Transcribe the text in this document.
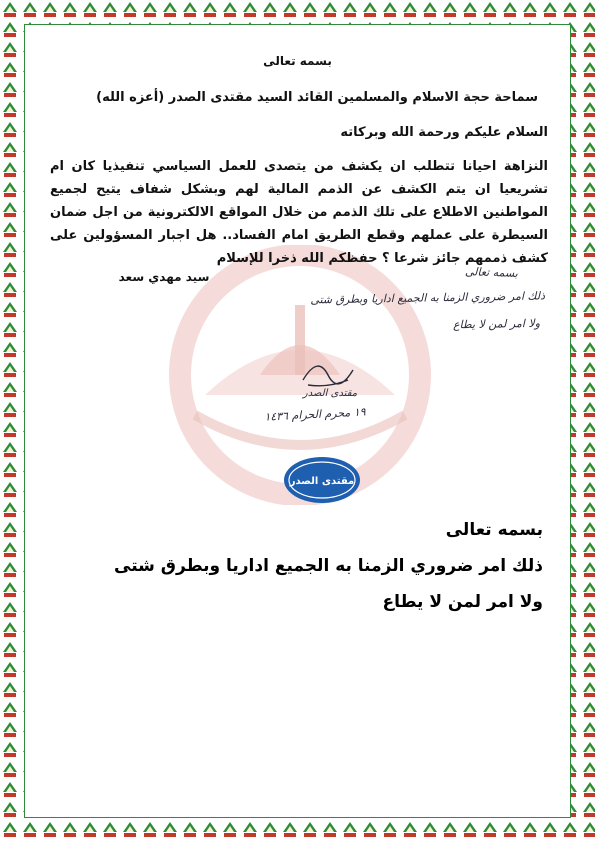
بسمه تعالى
سماحة حجة الاسلام والمسلمين القائد السيد مقتدى الصدر (أعزه الله)
السلام عليكم ورحمة الله وبركاته
النزاهة احيانا تتطلب ان يكشف من يتصدى للعمل السياسي تنفيذيا كان ام تشريعيا ان يتم الكشف عن الذمم المالية لهم وبشكل شفاف يتيح لجميع المواطنين الاطلاع على تلك الذمم من خلال المواقع الالكترونية من اجل ضمان السيطرة على عملهم وقطع الطريق امام الفساد.. هل اجبار المسؤولين على كشف ذممهم جائز شرعا ؟ حفظكم الله ذخرا للإسلام
سيد مهدي سعد	بسمه تعالى
ذلك امر ضروري الزمنا به الجميع اداريا وبطرق شتى
ولا امر لمن لا يطاع
مقتدى الصدر
١٩ محرم الحرام ١٤٣٦
مقتدى الصدر
بسمه تعالى
ذلك امر ضروري الزمنا به الجميع اداريا وبطرق شتى
ولا امر لمن لا يطاع
